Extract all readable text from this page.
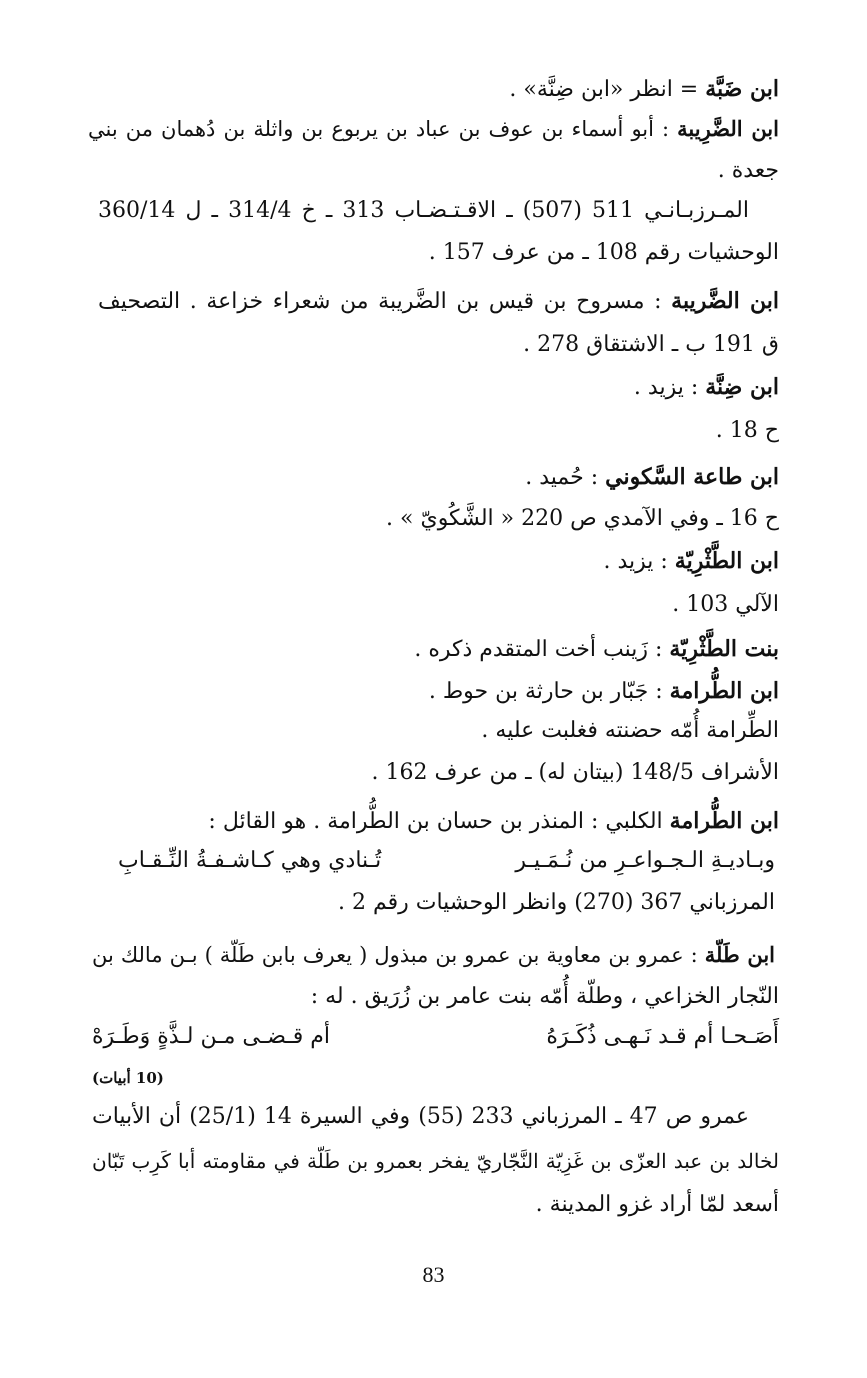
ابن ضَبَّة = انظر «ابن ضِنَّة» .
ابن الضَّرِيبة : أبو أسماء بن عوف بن عباد بن يربوع بن واثلة بن دُهمان من بني
جعدة .
المـرزبـانـي 511 (507) ـ الاقـتـضـاب 313 ـ خ 314/4 ـ ل 360/14
الوحشيات رقم 108 ـ من عرف 157 .
ابن الضَّريبة : مسروح بن قيس بن الضَّريبة من شعراء خزاعة . التصحيف
ق 191 ب ـ الاشتقاق 278 .
ابن ضِنَّة : يزيد .
ح 18 .
ابن طاعة السَّكوني : حُميد .
ح 16 ـ وفي الآمدي ص 220 « الشَّكُويّ » .
ابن الطَّثْرِيّة : يزيد .
الآلي 103 .
بنت الطَّثْرِيّة : زَينب أخت المتقدم ذكره .
ابن الطُّرامة : جَبّار بن حارثة بن حوط .
الطِّرامة أُمّه حضنته فغلبت عليه .
الأشراف 148/5 (بيتان له) ـ من عرف 162 .
ابن الطُّرامة الكلبي : المنذر بن حسان بن الطُّرامة . هو القائل :
وبـاديـةِ الـجـواعـرِ من نُـمَـيـر
تُـنادي وهي كـاشـفـةُ النِّـقـابِ
المرزباني 367 (270) وانظر الوحشيات رقم 2 .
ابن طَلّة : عمرو بن معاوية بن عمرو بن مبذول ( يعرف بابن طَلّة ) بـن مالك بن
النّجار الخزاعي ، وطلّة أُمّه بنت عامر بن زُرَيق . له :
أَصَـحـا أم قـد نَـهـى ذُكَـرَهُ
أم قـضـى مـن لـذَّةٍ وَطَـرَهْ
(10 أبيات)
عمرو ص 47 ـ المرزباني 233 (55) وفي السيرة 14 (25/1) أن الأبيات
لخالد بن عبد العزّى بن غَزِيّة النَّجّاريّ يفخر بعمرو بن طَلّة في مقاومته أبا كَرِب تَبّان
أسعد لمّا أراد غزو المدينة .
83
